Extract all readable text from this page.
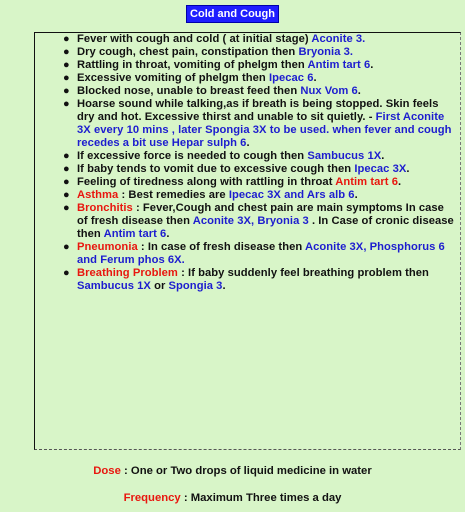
Cold and Cough
● Fever with cough and cold ( at initial stage) Aconite 3.
● Dry cough, chest pain, constipation then Bryonia 3.
● Rattling in throat, vomiting of phelgm then Antim tart 6.
● Excessive vomiting of phelgm then Ipecac 6.
● Blocked nose, unable to breast feed then Nux Vom 6.
● Hoarse sound while talking,as if breath is being stopped. Skin feels dry and hot. Excessive thirst and unable to sit quietly. - First Aconite 3X every 10 mins , later Spongia 3X to be used. when fever and cough recedes a bit use Hepar sulph 6.
● If excessive force is needed to cough then Sambucus 1X.
● If baby tends to vomit due to excessive cough then Ipecac 3X.
● Feeling of tiredness along with rattling in throat Antim tart 6.
● Asthma : Best remedies are Ipecac 3X and Ars alb 6.
● Bronchitis : Fever,Cough and chest pain are main symptoms In case of fresh disease then Aconite 3X, Bryonia 3 . In Case of cronic disease then Antim tart 6.
● Pneumonia : In case of fresh disease then Aconite 3X, Phosphorus 6 and Ferum phos 6X.
● Breathing Problem : If baby suddenly feel breathing problem then Sambucus 1X or Spongia 3.
Dose : One or Two drops of liquid medicine in water
Frequency : Maximum Three times a day
